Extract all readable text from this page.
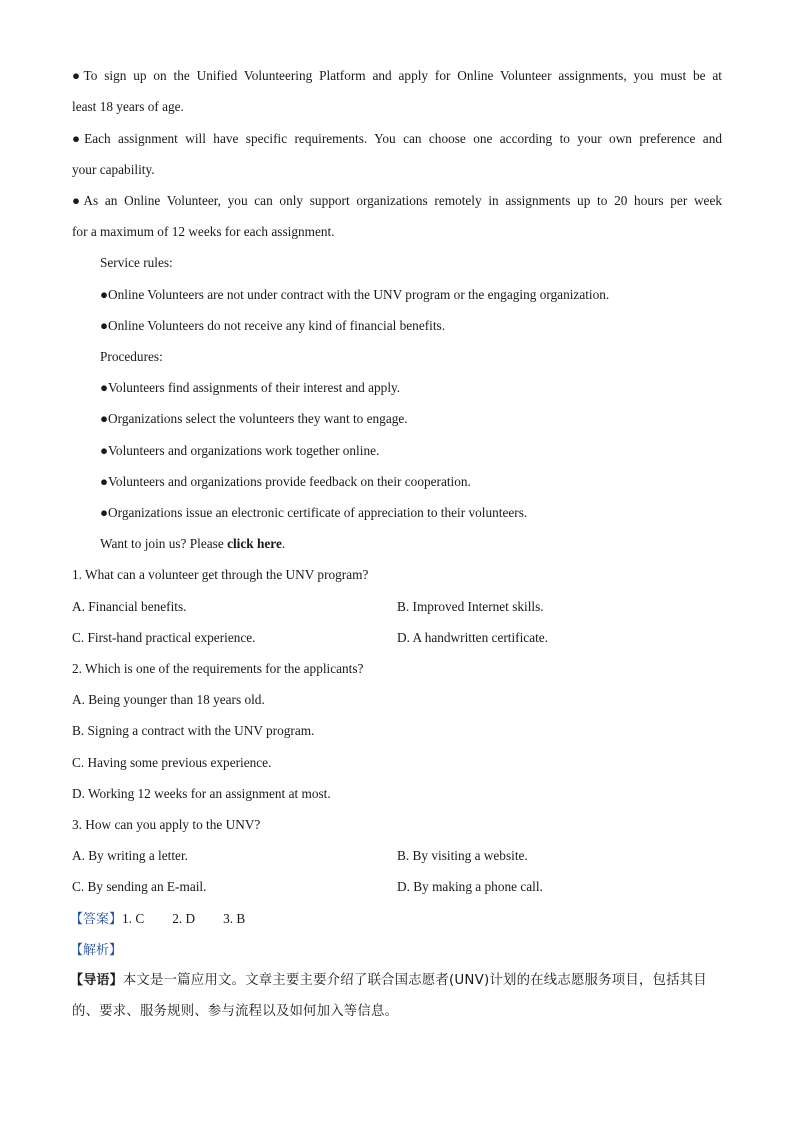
●To sign up on the Unified Volunteering Platform and apply for Online Volunteer assignments, you must be at
least 18 years of age.
●Each assignment will have specific requirements. You can choose one according to your own preference and
your capability.
●As an Online Volunteer, you can only support organizations remotely in assignments up to 20 hours per week
for a maximum of 12 weeks for each assignment.
Service rules:
●Online Volunteers are not under contract with the UNV program or the engaging organization.
●Online Volunteers do not receive any kind of financial benefits.
Procedures:
●Volunteers find assignments of their interest and apply.
●Organizations select the volunteers they want to engage.
●Volunteers and organizations work together online.
●Volunteers and organizations provide feedback on their cooperation.
●Organizations issue an electronic certificate of appreciation to their volunteers.
Want to join us? Please click here.
1. What can a volunteer get through the UNV program?
A. Financial benefits.	B. Improved Internet skills.
C. First-hand practical experience.	D. A handwritten certificate.
2. Which is one of the requirements for the applicants?
A. Being younger than 18 years old.
B. Signing a contract with the UNV program.
C. Having some previous experience.
D. Working 12 weeks for an assignment at most.
3. How can you apply to the UNV?
A. By writing a letter.	B. By visiting a website.
C. By sending an E-mail.	D. By making a phone call.
【答案】1. C 2. D 3. B
【解析】
【导语】本文是一篇应用文。文章主要主要介绍了联合国志愿者(UNV)计划的在线志愿服务项目，包括其目
的、要求、服务规则、参与流程以及如何加入等信息。
